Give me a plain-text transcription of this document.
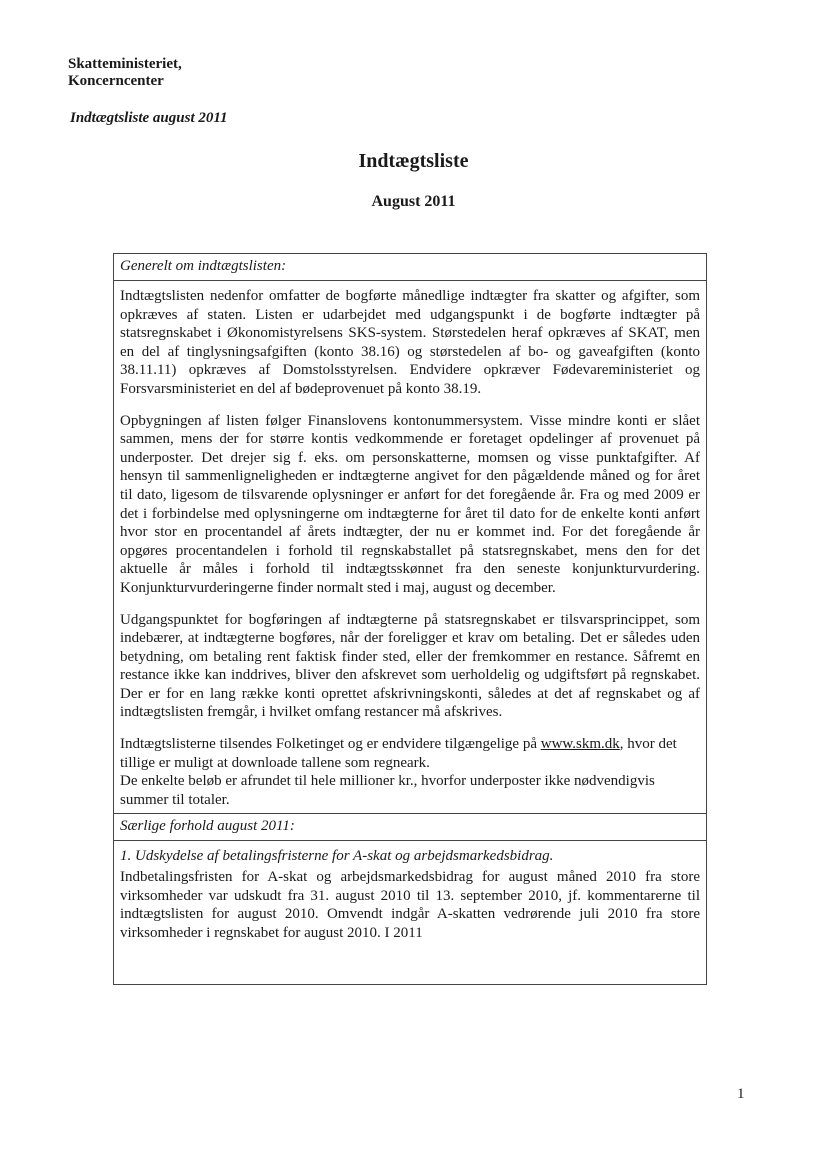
Skatteministeriet,
Koncerncenter
Indtægtsliste august 2011
Indtægtsliste
August 2011
Generelt om indtægtslisten:

Indtægtslisten nedenfor omfatter de bogførte månedlige indtægter fra skatter og afgifter, som opkræves af staten. Listen er udarbejdet med udgangspunkt i de bogførte indtægter på statsregnskabet i Økonomistyrelsens SKS-system. Størstedelen heraf opkræves af SKAT, men en del af tinglysningsafgiften (konto 38.16) og størstedelen af bo- og gaveafgiften (konto 38.11.11) opkræves af Domstolsstyrelsen. Endvidere opkræver Fødevareministeriet og Forsvarsministeriet en del af bødeprovenuet på konto 38.19.

Opbygningen af listen følger Finanslovens kontonummersystem. Visse mindre konti er slået sammen, mens der for større kontis vedkommende er foretaget opdelinger af provenuet på underposter. Det drejer sig f. eks. om personskatterne, momsen og visse punktafgifter. Af hensyn til sammenligneligheden er indtægterne angivet for den pågældende måned og for året til dato, ligesom de tilsvarende oplysninger er anført for det foregående år. Fra og med 2009 er det i forbindelse med oplysningerne om indtægterne for året til dato for de enkelte konti anført hvor stor en procentandel af årets indtægter, der nu er kommet ind. For det foregående år opgøres procentandelen i forhold til regnskabstallet på statsregnskabet, mens den for det aktuelle år måles i forhold til indtægtsskønnet fra den seneste konjunkturvurdering. Konjunkturvurderingerne finder normalt sted i maj, august og december.

Udgangspunktet for bogføringen af indtægterne på statsregnskabet er tilsvarsprincippet, som indebærer, at indtægterne bogføres, når der foreligger et krav om betaling. Det er således uden betydning, om betaling rent faktisk finder sted, eller der fremkommer en restance. Såfremt en restance ikke kan inddrives, bliver den afskrevet som uerholdelig og udgiftsført på regnskabet. Der er for en lang række konti oprettet afskrivningskonti, således at det af regnskabet og af indtægtslisten fremgår, i hvilket omfang restancer må afskrives.

Indtægtslisterne tilsendes Folketinget og er endvidere tilgængelige på www.skm.dk, hvor det tillige er muligt at downloade tallene som regneark.

De enkelte beløb er afrundet til hele millioner kr., hvorfor underposter ikke nødvendigvis summer til totaler.

Særlige forhold august 2011:
1. Udskydelse af betalingsfristerne for A-skat og arbejdsmarkedsbidrag.

Indbetalingsfristen for A-skat og arbejdsmarkedsbidrag for august måned 2010 fra store virksomheder var udskudt fra 31. august 2010 til 13. september 2010, jf. kommentarerne til indtægtslisten for august 2010. Omvendt indgår A-skatten vedrørende juli 2010 fra store virksomheder i regnskabet for august 2010. I 2011

1
